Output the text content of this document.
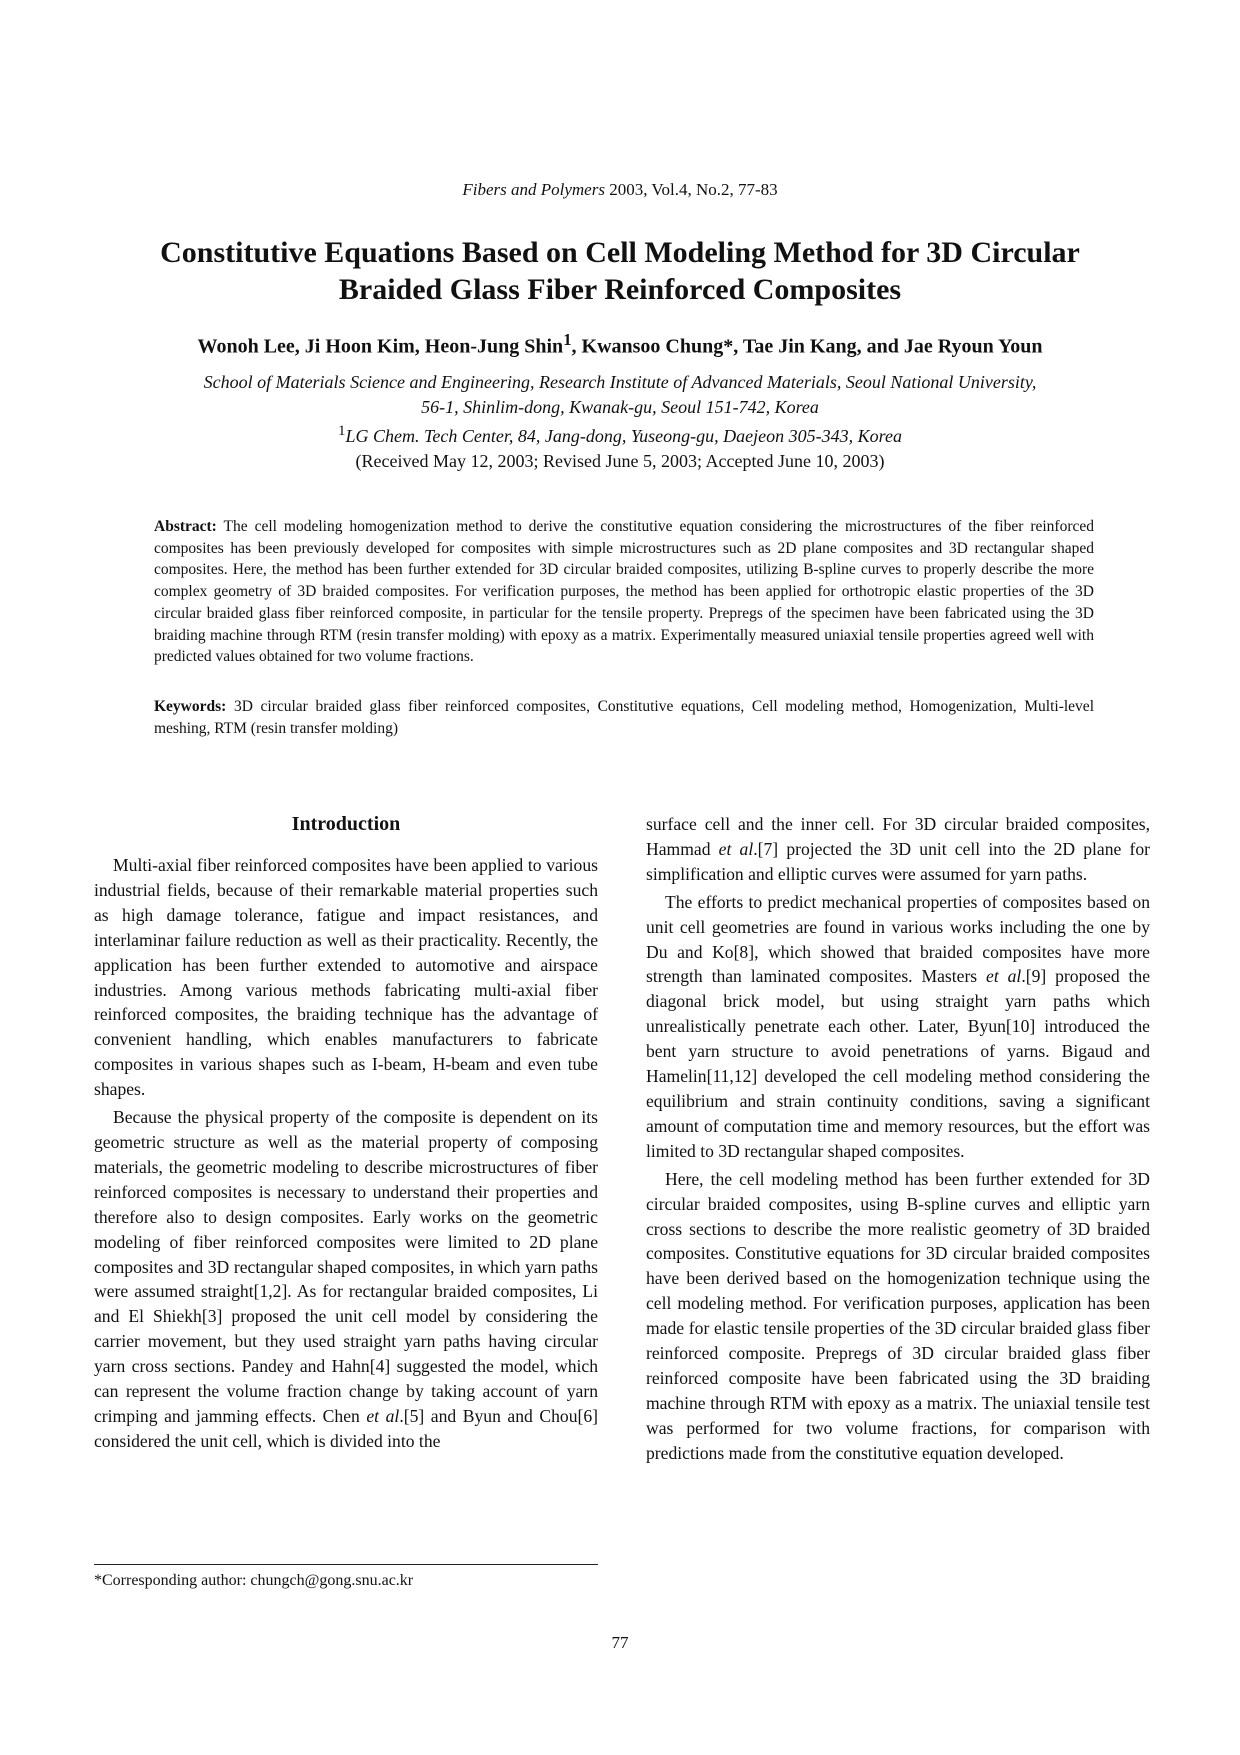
Fibers and Polymers 2003, Vol.4, No.2, 77-83
Constitutive Equations Based on Cell Modeling Method for 3D Circular
Braided Glass Fiber Reinforced Composites

Wonoh Lee, Ji Hoon Kim, Heon-Jung Shin$^1$, Kwansoo Chung*, Tae Jin Kang, and Jae Ryoun Youn

School of Materials Science and Engineering, Research Institute of Advanced Materials, Seoul National University,
56-1, Shinlim-dong, Kwanak-gu, Seoul 151-742, Korea
$^1$LG Chem. Tech Center, 84, Jang-dong, Yuseong-gu, Daejeon 305-343, Korea
(Received May 12, 2003; Revised June 5, 2003; Accepted June 10, 2003)

Abstract: The cell modeling homogenization method to derive the constitutive equation considering the microstructures of the fiber reinforced composites has been previously developed for composites with simple microstructures such as 2D plane composites and 3D rectangular shaped composites. Here, the method has been further extended for 3D circular braided composites, utilizing B-spline curves to properly describe the more complex geometry of 3D braided composites. For verification purposes, the method has been applied for orthotropic elastic properties of the 3D circular braided glass fiber reinforced composite, in particular for the tensile property. Prepregs of the specimen have been fabricated using the 3D braiding machine through RTM (resin transfer molding) with epoxy as a matrix. Experimentally measured uniaxial tensile properties agreed well with predicted values obtained for two volume fractions.

Keywords: 3D circular braided glass fiber reinforced composites, Constitutive equations, Cell modeling method, Homogenization, Multi-level meshing, RTM (resin transfer molding)

Introduction

Multi-axial fiber reinforced composites have been applied to various industrial fields, because of their remarkable material properties such as high damage tolerance, fatigue and impact resistances, and interlaminar failure reduction as well as their practicality. Recently, the application has been further extended to automotive and airspace industries. Among various methods fabricating multi-axial fiber reinforced composites, the braiding technique has the advantage of convenient handling, which enables manufacturers to fabricate composites in various shapes such as I-beam, H-beam and even tube shapes.

Because the physical property of the composite is dependent on its geometric structure as well as the material property of composing materials, the geometric modeling to describe microstructures of fiber reinforced composites is necessary to understand their properties and therefore also to design composites. Early works on the geometric modeling of fiber reinforced composites were limited to 2D plane composites and 3D rectangular shaped composites, in which yarn paths were assumed straight[1,2]. As for rectangular braided composites, Li and El Shiekh[3] proposed the unit cell model by considering the carrier movement, but they used straight yarn paths having circular yarn cross sections. Pandey and Hahn[4] suggested the model, which can represent the volume fraction change by taking account of yarn crimping and jamming effects. Chen et al.[5] and Byun and Chou[6] considered the unit cell, which is divided into the

surface cell and the inner cell. For 3D circular braided composites, Hammad et al.[7] projected the 3D unit cell into the 2D plane for simplification and elliptic curves were assumed for yarn paths.

The efforts to predict mechanical properties of composites based on unit cell geometries are found in various works including the one by Du and Ko[8], which showed that braided composites have more strength than laminated composites. Masters et al.[9] proposed the diagonal brick model, but using straight yarn paths which unrealistically penetrate each other. Later, Byun[10] introduced the bent yarn structure to avoid penetrations of yarns. Bigaud and Hamelin[11,12] developed the cell modeling method considering the equilibrium and strain continuity conditions, saving a significant amount of computation time and memory resources, but the effort was limited to 3D rectangular shaped composites.

Here, the cell modeling method has been further extended for 3D circular braided composites, using B-spline curves and elliptic yarn cross sections to describe the more realistic geometry of 3D braided composites. Constitutive equations for 3D circular braided composites have been derived based on the homogenization technique using the cell modeling method. For verification purposes, application has been made for elastic tensile properties of the 3D circular braided glass fiber reinforced composite. Prepregs of 3D circular braided glass fiber reinforced composite have been fabricated using the 3D braiding machine through RTM with epoxy as a matrix. The uniaxial tensile test was performed for two volume fractions, for comparison with predictions made from the constitutive equation developed.

*Corresponding author: chungch@gong.snu.ac.kr

77
